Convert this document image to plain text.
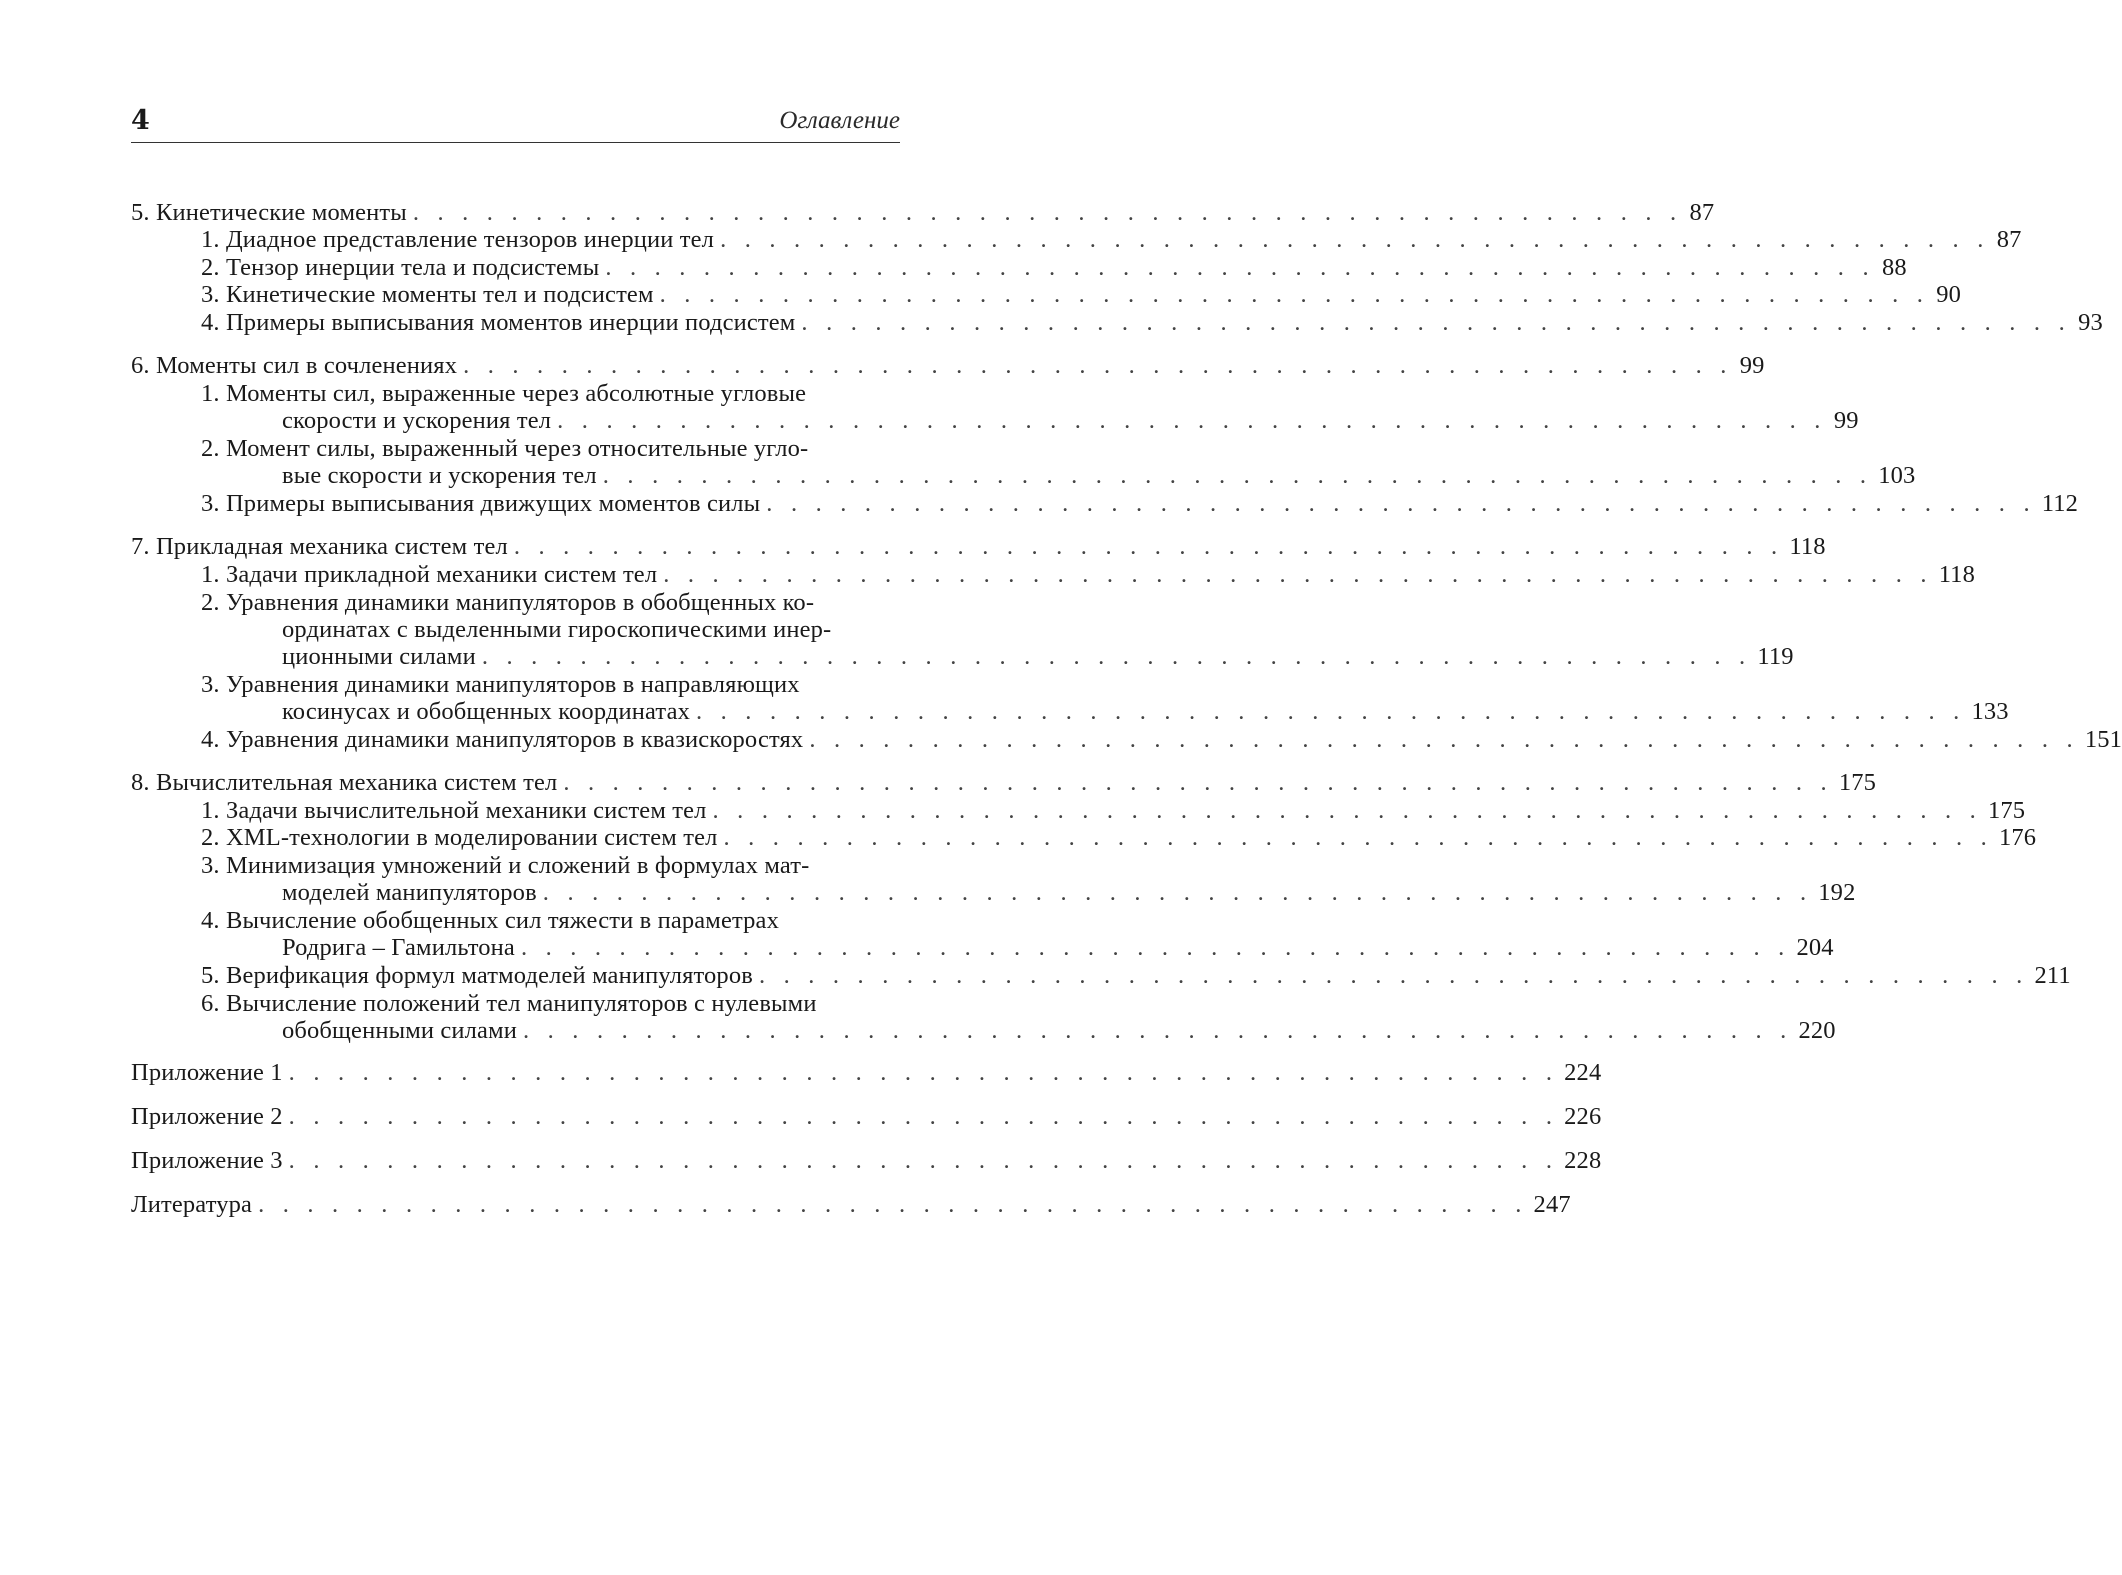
4	Оглавление
5. Кинетические моменты . . . . . . . . . . . . . . . . . . . . . . . . . . . . . . . . . . . . . . . . . . . . . . . . . . . . 87
1. Диадное представление тензоров инерции тел . . . . . . . . . . . . . . . . . . . . . . . . . . . . . . . . . . . . . . . . . . . . . . . . . . . . 87
2. Тензор инерции тела и подсистемы . . . . . . . . . . . . . . . . . . . . . . . . . . . . . . . . . . . . . . . . . . . . . . . . . . . . 88
3. Кинетические моменты тел и подсистем . . . . . . . . . . . . . . . . . . . . . . . . . . . . . . . . . . . . . . . . . . . . . . . . . . . . 90
4. Примеры выписывания моментов инерции подсистем . . . . . . . . . . . . . . . . . . . . . . . . . . . . . . . . . . . . . . . . . . . . . . . . . . . . 93
6. Моменты сил в сочленениях . . . . . . . . . . . . . . . . . . . . . . . . . . . . . . . . . . . . . . . . . . . . . . . . . . . . 99
1. Моменты сил, выраженные через абсолютные угловые
скорости и ускорения тел . . . . . . . . . . . . . . . . . . . . . . . . . . . . . . . . . . . . . . . . . . . . . . . . . . . . 99
2. Момент силы, выраженный через относительные угло-
вые скорости и ускорения тел . . . . . . . . . . . . . . . . . . . . . . . . . . . . . . . . . . . . . . . . . . . . . . . . . . . . 103
3. Примеры выписывания движущих моментов силы . . . . . . . . . . . . . . . . . . . . . . . . . . . . . . . . . . . . . . . . . . . . . . . . . . . . 112
7. Прикладная механика систем тел . . . . . . . . . . . . . . . . . . . . . . . . . . . . . . . . . . . . . . . . . . . . . . . . . . . . 118
1. Задачи прикладной механики систем тел . . . . . . . . . . . . . . . . . . . . . . . . . . . . . . . . . . . . . . . . . . . . . . . . . . . . 118
2. Уравнения динамики манипуляторов в обобщенных ко-
ординатах с выделенными гироскопическими инер-
ционными силами . . . . . . . . . . . . . . . . . . . . . . . . . . . . . . . . . . . . . . . . . . . . . . . . . . . . 119
3. Уравнения динамики манипуляторов в направляющих
косинусах и обобщенных координатах . . . . . . . . . . . . . . . . . . . . . . . . . . . . . . . . . . . . . . . . . . . . . . . . . . . . 133
4. Уравнения динамики манипуляторов в квазискоростях . . . . . . . . . . . . . . . . . . . . . . . . . . . . . . . . . . . . . . . . . . . . . . . . . . . . 151
8. Вычислительная механика систем тел . . . . . . . . . . . . . . . . . . . . . . . . . . . . . . . . . . . . . . . . . . . . . . . . . . . . 175
1. Задачи вычислительной механики систем тел . . . . . . . . . . . . . . . . . . . . . . . . . . . . . . . . . . . . . . . . . . . . . . . . . . . . 175
2. XML-технологии в моделировании систем тел . . . . . . . . . . . . . . . . . . . . . . . . . . . . . . . . . . . . . . . . . . . . . . . . . . . . 176
3. Минимизация умножений и сложений в формулах мат-
моделей манипуляторов . . . . . . . . . . . . . . . . . . . . . . . . . . . . . . . . . . . . . . . . . . . . . . . . . . . . 192
4. Вычисление обобщенных сил тяжести в параметрах
Родрига – Гамильтона . . . . . . . . . . . . . . . . . . . . . . . . . . . . . . . . . . . . . . . . . . . . . . . . . . . . 204
5. Верификация формул матмоделей манипуляторов . . . . . . . . . . . . . . . . . . . . . . . . . . . . . . . . . . . . . . . . . . . . . . . . . . . . 211
6. Вычисление положений тел манипуляторов с нулевыми
обобщенными силами . . . . . . . . . . . . . . . . . . . . . . . . . . . . . . . . . . . . . . . . . . . . . . . . . . . . 220
Приложение 1 . . . . . . . . . . . . . . . . . . . . . . . . . . . . . . . . . . . . . . . . . . . . . . . . . . . . 224
Приложение 2 . . . . . . . . . . . . . . . . . . . . . . . . . . . . . . . . . . . . . . . . . . . . . . . . . . . . 226
Приложение 3 . . . . . . . . . . . . . . . . . . . . . . . . . . . . . . . . . . . . . . . . . . . . . . . . . . . . 228
Литература . . . . . . . . . . . . . . . . . . . . . . . . . . . . . . . . . . . . . . . . . . . . . . . . . . . . 247
